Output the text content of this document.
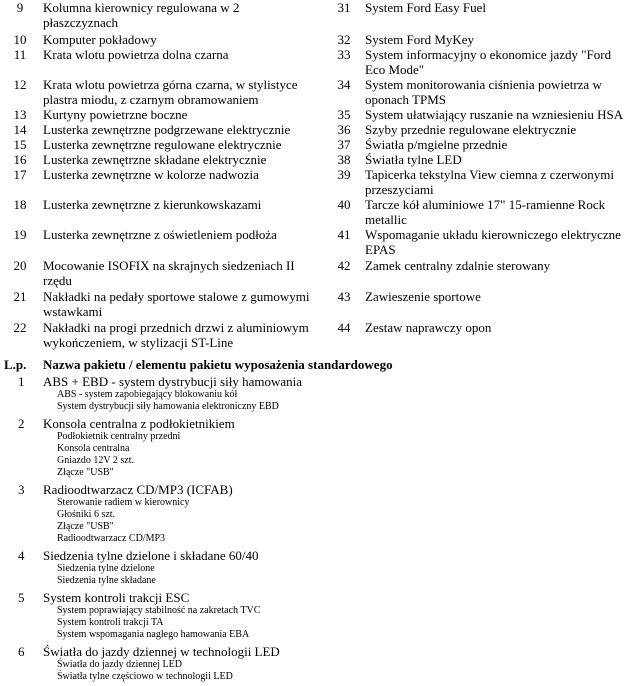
9	Kolumna kierownicy regulowana w 2
płaszczyznach
10	Komputer pokładowy
11	Krata wlotu powietrza dolna czarna
12	Krata wlotu powietrza górna czarna, w stylistyce
plastra miodu, z czarnym obramowaniem
13	Kurtyny powietrzne boczne
14	Lusterka zewnętrzne podgrzewane elektrycznie
15	Lusterka zewnętrzne regulowane elektrycznie
16	Lusterka zewnętrzne składane elektrycznie
17	Lusterka zewnętrzne w kolorze nadwozia
18	Lusterka zewnętrzne z kierunkowskazami
19	Lusterka zewnętrzne z oświetleniem podłoża
20	Mocowanie ISOFIX na skrajnych siedzeniach II
rzędu
21	Nakładki na pedały sportowe stalowe z gumowymi
wstawkami
22	Nakładki na progi przednich drzwi z aluminiowym
wykończeniem, w stylizacji ST-Line
31	System Ford Easy Fuel
32	System Ford MyKey
33	System informacyjny o ekonomice jazdy "Ford
Eco Mode"
34	System monitorowania ciśnienia powietrza w
oponach TPMS
35	System ułatwiający ruszanie na wzniesieniu HSA
36	Szyby przednie regulowane elektrycznie
37	Światła p/mgielne przednie
38	Światła tylne LED
39	Tapicerka tekstylna View ciemna z czerwonymi
przeszyciami
40	Tarcze kół aluminiowe 17" 15-ramienne Rock
metallic
41	Wspomaganie układu kierowniczego elektryczne
EPAS
42	Zamek centralny zdalnie sterowany
43	Zawieszenie sportowe
44	Zestaw naprawczy opon
L.p. Nazwa pakietu / elementu pakietu wyposażenia standardowego
1 ABS + EBD - system dystrybucji siły hamowania
ABS - system zapobiegający blokowaniu kół
System dystrybucji siły hamowania elektroniczny EBD
2 Konsola centralna z podłokietnikiem
Podłokietnik centralny przedni
Konsola centralna
Gniazdo 12V 2 szt.
Złącze "USB"
3 Radioodtwarzacz CD/MP3 (ICFAB)
Sterowanie radiem w kierownicy
Głośniki 6 szt.
Złącze "USB"
Radioodtwarzacz CD/MP3
4 Siedzenia tylne dzielone i składane 60/40
Siedzenia tylne dzielone
Siedzenia tylne składane
5 System kontroli trakcji ESC
System poprawiający stabilność na zakretach TVC
System kontroli trakcji TA
System wspomagania nagłego hamowania EBA
6 Światła do jazdy dziennej w technologii LED
Światła do jazdy dziennej LED
Światła tylne częściowo w technologii LED
